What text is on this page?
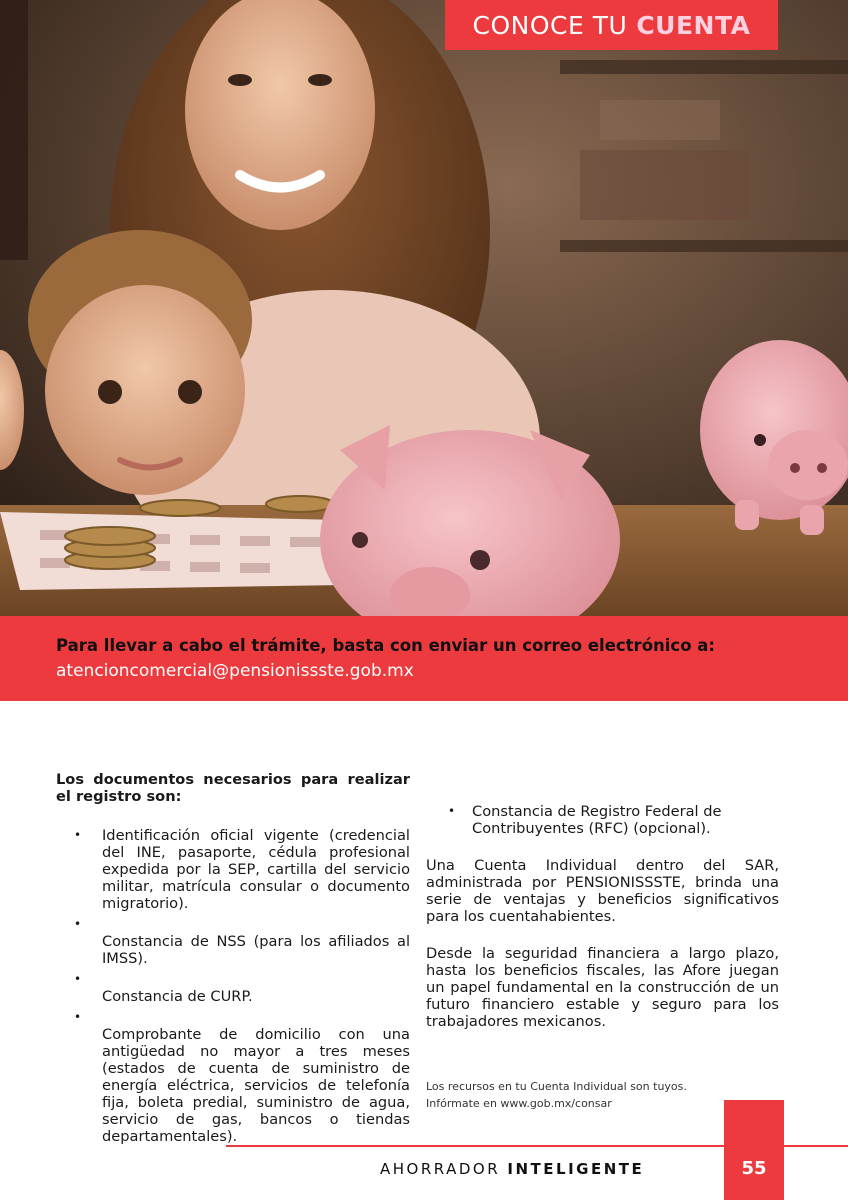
CONOCE TU CUENTA
Para llevar a cabo el trámite, basta con enviar un correo electrónico a:
atencioncomercial@pensionissste.gob.mx
Los documentos necesarios para realizar el registro son:
• Identificación oficial vigente (credencial del INE, pasaporte, cédula profesional expedida por la SEP, cartilla del servicio militar, matrícula consular o documento migratorio).
•
Constancia de NSS (para los afiliados al IMSS).
•
Constancia de CURP.
•
Comprobante de domicilio con una antigüedad no mayor a tres meses (estados de cuenta de suministro de energía eléctrica, servicios de telefonía fija, boleta predial, suministro de agua, servicio de gas, bancos o tiendas departamentales).
• Constancia de Registro Federal de Contribuyentes (RFC) (opcional).

Una Cuenta Individual dentro del SAR, administrada por PENSIONISSSTE, brinda una serie de ventajas y beneficios significativos para los cuentahabientes.

Desde la seguridad financiera a largo plazo, hasta los beneficios fiscales, las Afore juegan un papel fundamental en la construcción de un futuro financiero estable y seguro para los trabajadores mexicanos.

Los recursos en tu Cuenta Individual son tuyos.
Infórmate en www.gob.mx/consar
AHORRADOR INTELIGENTE	55
